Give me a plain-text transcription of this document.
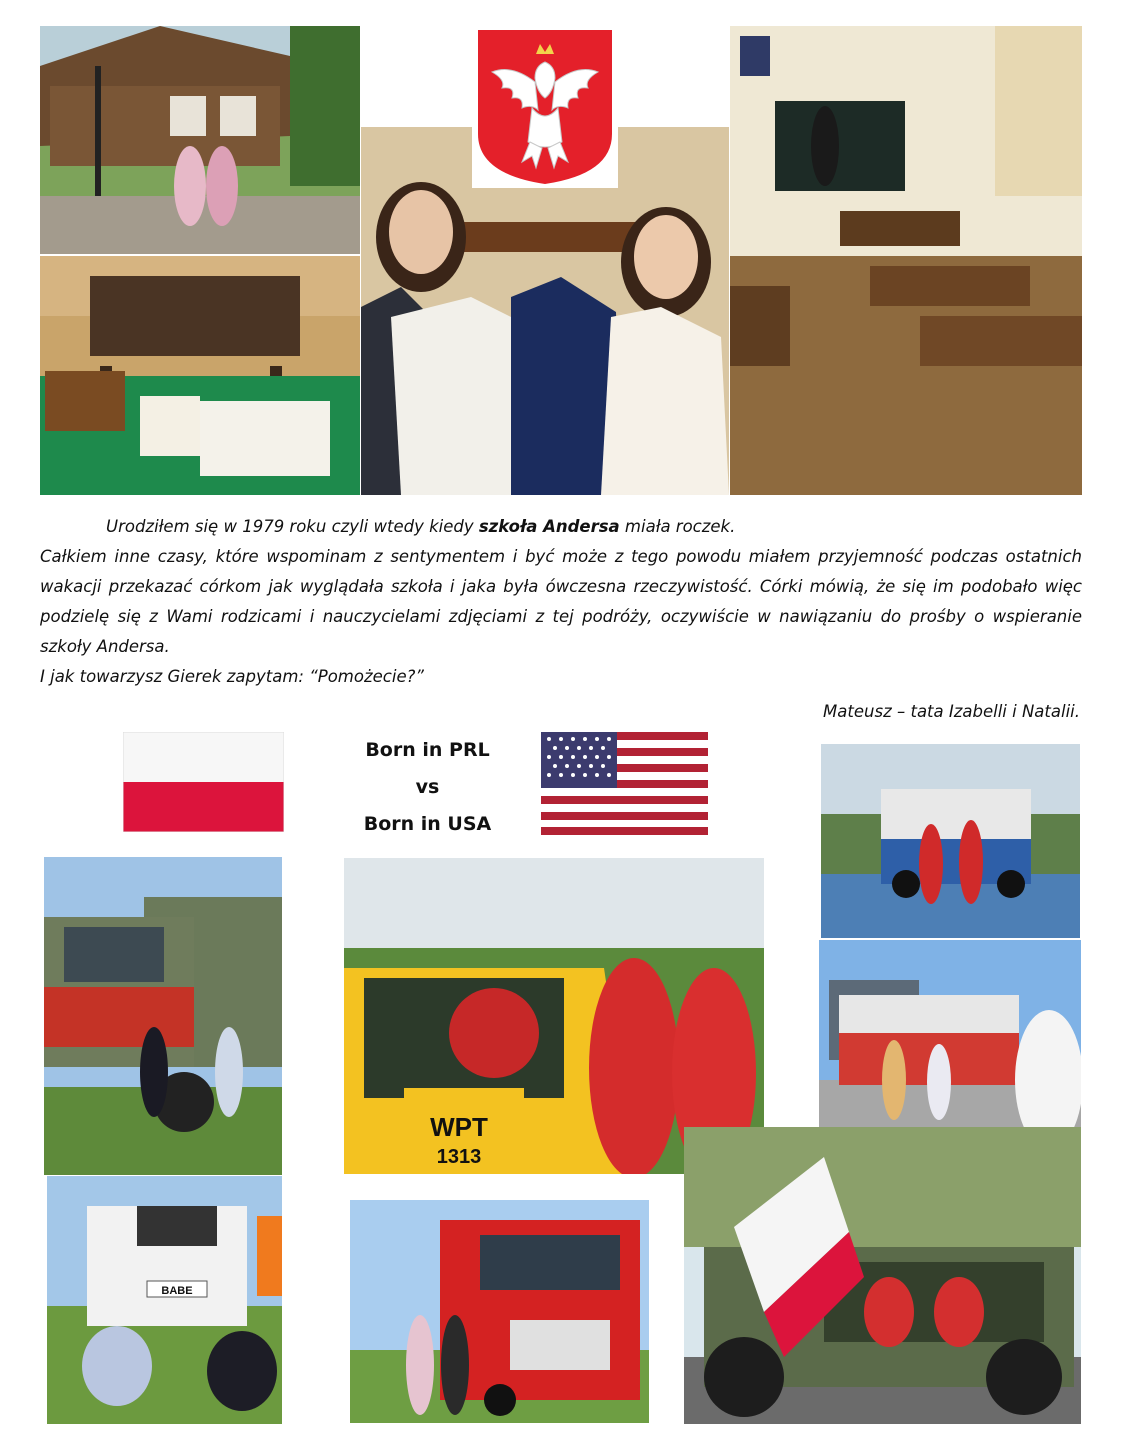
Urodziłem się w 1979 roku czyli wtedy kiedy szkoła Andersa miała roczek.

Całkiem inne czasy, które wspominam z sentymentem i być może z tego powodu miałem przyjemność podczas ostatnich wakacji przekazać córkom jak wyglądała szkoła i jaka była ówczesna rzeczywistość. Córki mówią, że się im podobało więc podzielę się z Wami rodzicami i nauczycielami zdjęciami z tej podróży, oczywiście w nawiązaniu do prośby o wspieranie szkoły Andersa.

I jak towarzysz Gierek zapytam: “Pomożecie?”

Mateusz – tata Izabelli i Natalii.
Born in PRL
vs
Born in USA
WPT
1313
BABE
